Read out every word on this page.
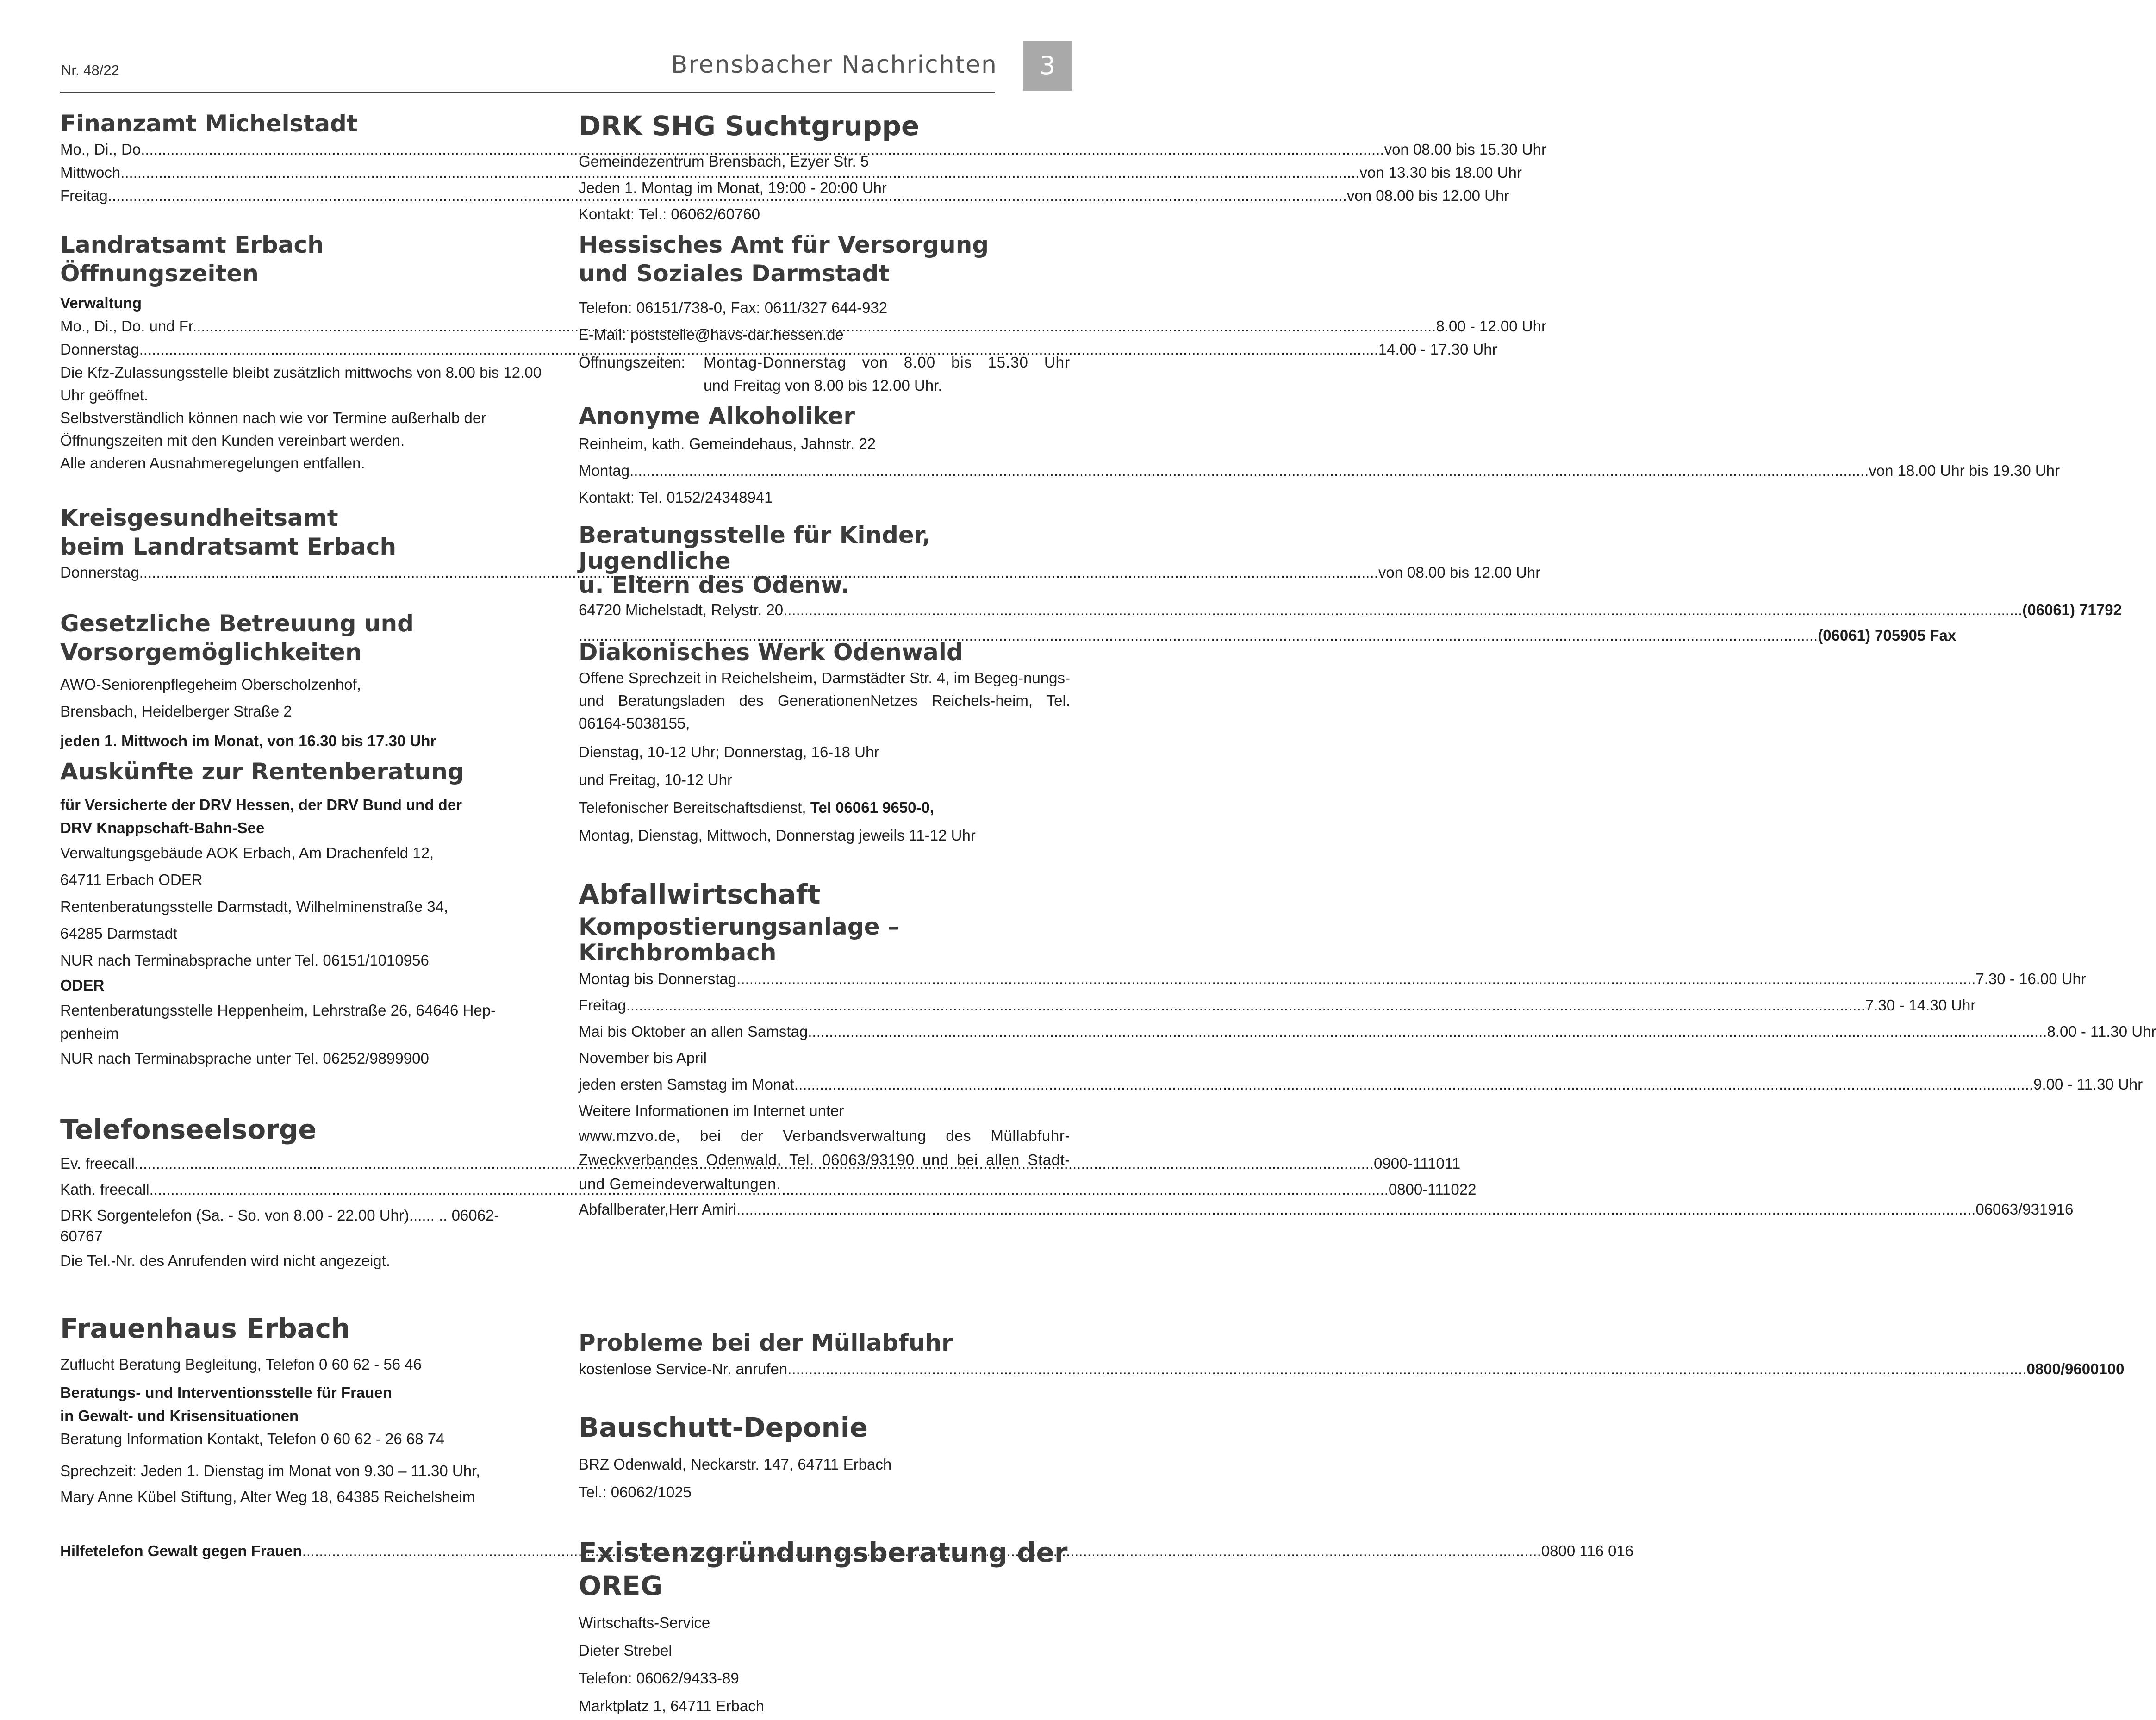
Nr. 48/22	Brensbacher Nachrichten	3
Finanzamt Michelstadt
Mo., Di., Do. .....	von 08.00 bis 15.30 Uhr
Mittwoch .....	von 13.30 bis 18.00 Uhr
Freitag .....	von 08.00 bis 12.00 Uhr
Landratsamt Erbach
Öffnungszeiten
Verwaltung
Mo., Di., Do. und Fr. .....	8.00 - 12.00 Uhr
Donnerstag .....	14.00 - 17.30 Uhr
Die Kfz-Zulassungsstelle bleibt zusätzlich mittwochs von 8.00 bis 12.00 Uhr geöffnet.
Selbstverständlich können nach wie vor Termine außerhalb der Öffnungszeiten mit den Kunden vereinbart werden.
Alle anderen Ausnahmeregelungen entfallen.
Kreisgesundheitsamt
beim Landratsamt Erbach
Donnerstag .....	von 08.00 bis 12.00 Uhr
Gesetzliche Betreuung und
Vorsorgemöglichkeiten
AWO-Seniorenpflegeheim Oberscholzenhof,
Brensbach, Heidelberger Straße 2
jeden 1. Mittwoch im Monat, von 16.30 bis 17.30 Uhr
Auskünfte zur Rentenberatung
für Versicherte der DRV Hessen, der DRV Bund und der
DRV Knappschaft-Bahn-See
Verwaltungsgebäude AOK Erbach, Am Drachenfeld 12,
64711 Erbach ODER
Rentenberatungsstelle Darmstadt, Wilhelminenstraße 34,
64285 Darmstadt
NUR nach Terminabsprache unter Tel. 06151/1010956
ODER
Rentenberatungsstelle Heppenheim, Lehrstraße 26, 64646 Hep-
penheim
NUR nach Terminabsprache unter Tel. 06252/9899900
Telefonseelsorge
Ev. freecall .....	0900-111011
Kath. freecall .....	0800-111022
DRK Sorgentelefon (Sa. - So. von 8.00 - 22.00 Uhr)...... .. 06062-
60767
Die Tel.-Nr. des Anrufenden wird nicht angezeigt.
Frauenhaus Erbach
Zuflucht Beratung Begleitung, Telefon 0 60 62 - 56 46
Beratungs- und Interventionsstelle für Frauen
in Gewalt- und Krisensituationen
Beratung Information Kontakt, Telefon 0 60 62 - 26 68 74
Sprechzeit: Jeden 1. Dienstag im Monat von 9.30 – 11.30 Uhr,
Mary Anne Kübel Stiftung, Alter Weg 18, 64385 Reichelsheim
Hilfetelefon Gewalt gegen Frauen .....	0800 116 016
DRK SHG Suchtgruppe
Gemeindezentrum Brensbach, Ezyer Str. 5
Jeden 1. Montag im Monat, 19:00 - 20:00 Uhr
Kontakt: Tel.: 06062/60760
Hessisches Amt für Versorgung
und Soziales Darmstadt
Telefon: 06151/738-0, Fax: 0611/327 644-932
E-Mail: poststelle@havs-dar.hessen.de
Öffnungszeiten:	Montag-Donnerstag von 8.00 bis 15.30 Uhr
und Freitag von 8.00 bis 12.00 Uhr.
Anonyme Alkoholiker
Reinheim, kath. Gemeindehaus, Jahnstr. 22
Montag .....	von 18.00 Uhr bis 19.30 Uhr
Kontakt: Tel. 0152/24348941
Beratungsstelle für Kinder, Jugendliche
u. Eltern des Odenw.
64720 Michelstadt, Relystr. 20 .....	(06061) 71792
.....
(06061) 705905 Fax
Diakonisches Werk Odenwald
Offene Sprechzeit in Reichelsheim, Darmstädter Str. 4, im Begeg-nungs- und Beratungsladen des GenerationenNetzes Reichels-heim, Tel. 06164-5038155,
Dienstag, 10-12 Uhr; Donnerstag, 16-18 Uhr
und Freitag, 10-12 Uhr
Telefonischer Bereitschaftsdienst, Tel 06061 9650-0,
Montag, Dienstag, Mittwoch, Donnerstag jeweils 11-12 Uhr
Abfallwirtschaft
Kompostierungsanlage – Kirchbrombach
Montag bis Donnerstag .....	7.30 - 16.00 Uhr
Freitag .....	7.30 - 14.30 Uhr
Mai bis Oktober an allen Samstag .....	8.00 - 11.30 Uhr
November bis April
jeden ersten Samstag im Monat .....	9.00 - 11.30 Uhr
Weitere Informationen im Internet unter
www.mzvo.de, bei der Verbandsverwaltung des Müllabfuhr-Zweckverbandes Odenwald, Tel. 06063/93190 und bei allen Stadt- und Gemeindeverwaltungen.
Abfallberater,Herr Amiri .....	06063/931916
Probleme bei der Müllabfuhr
kostenlose Service-Nr. anrufen .....	0800/9600100
Bauschutt-Deponie
BRZ Odenwald, Neckarstr. 147, 64711 Erbach
Tel.: 06062/1025
Existenzgründungsberatung der OREG
Wirtschafts-Service
Dieter Strebel
Telefon: 06062/9433-89
Marktplatz 1, 64711 Erbach
